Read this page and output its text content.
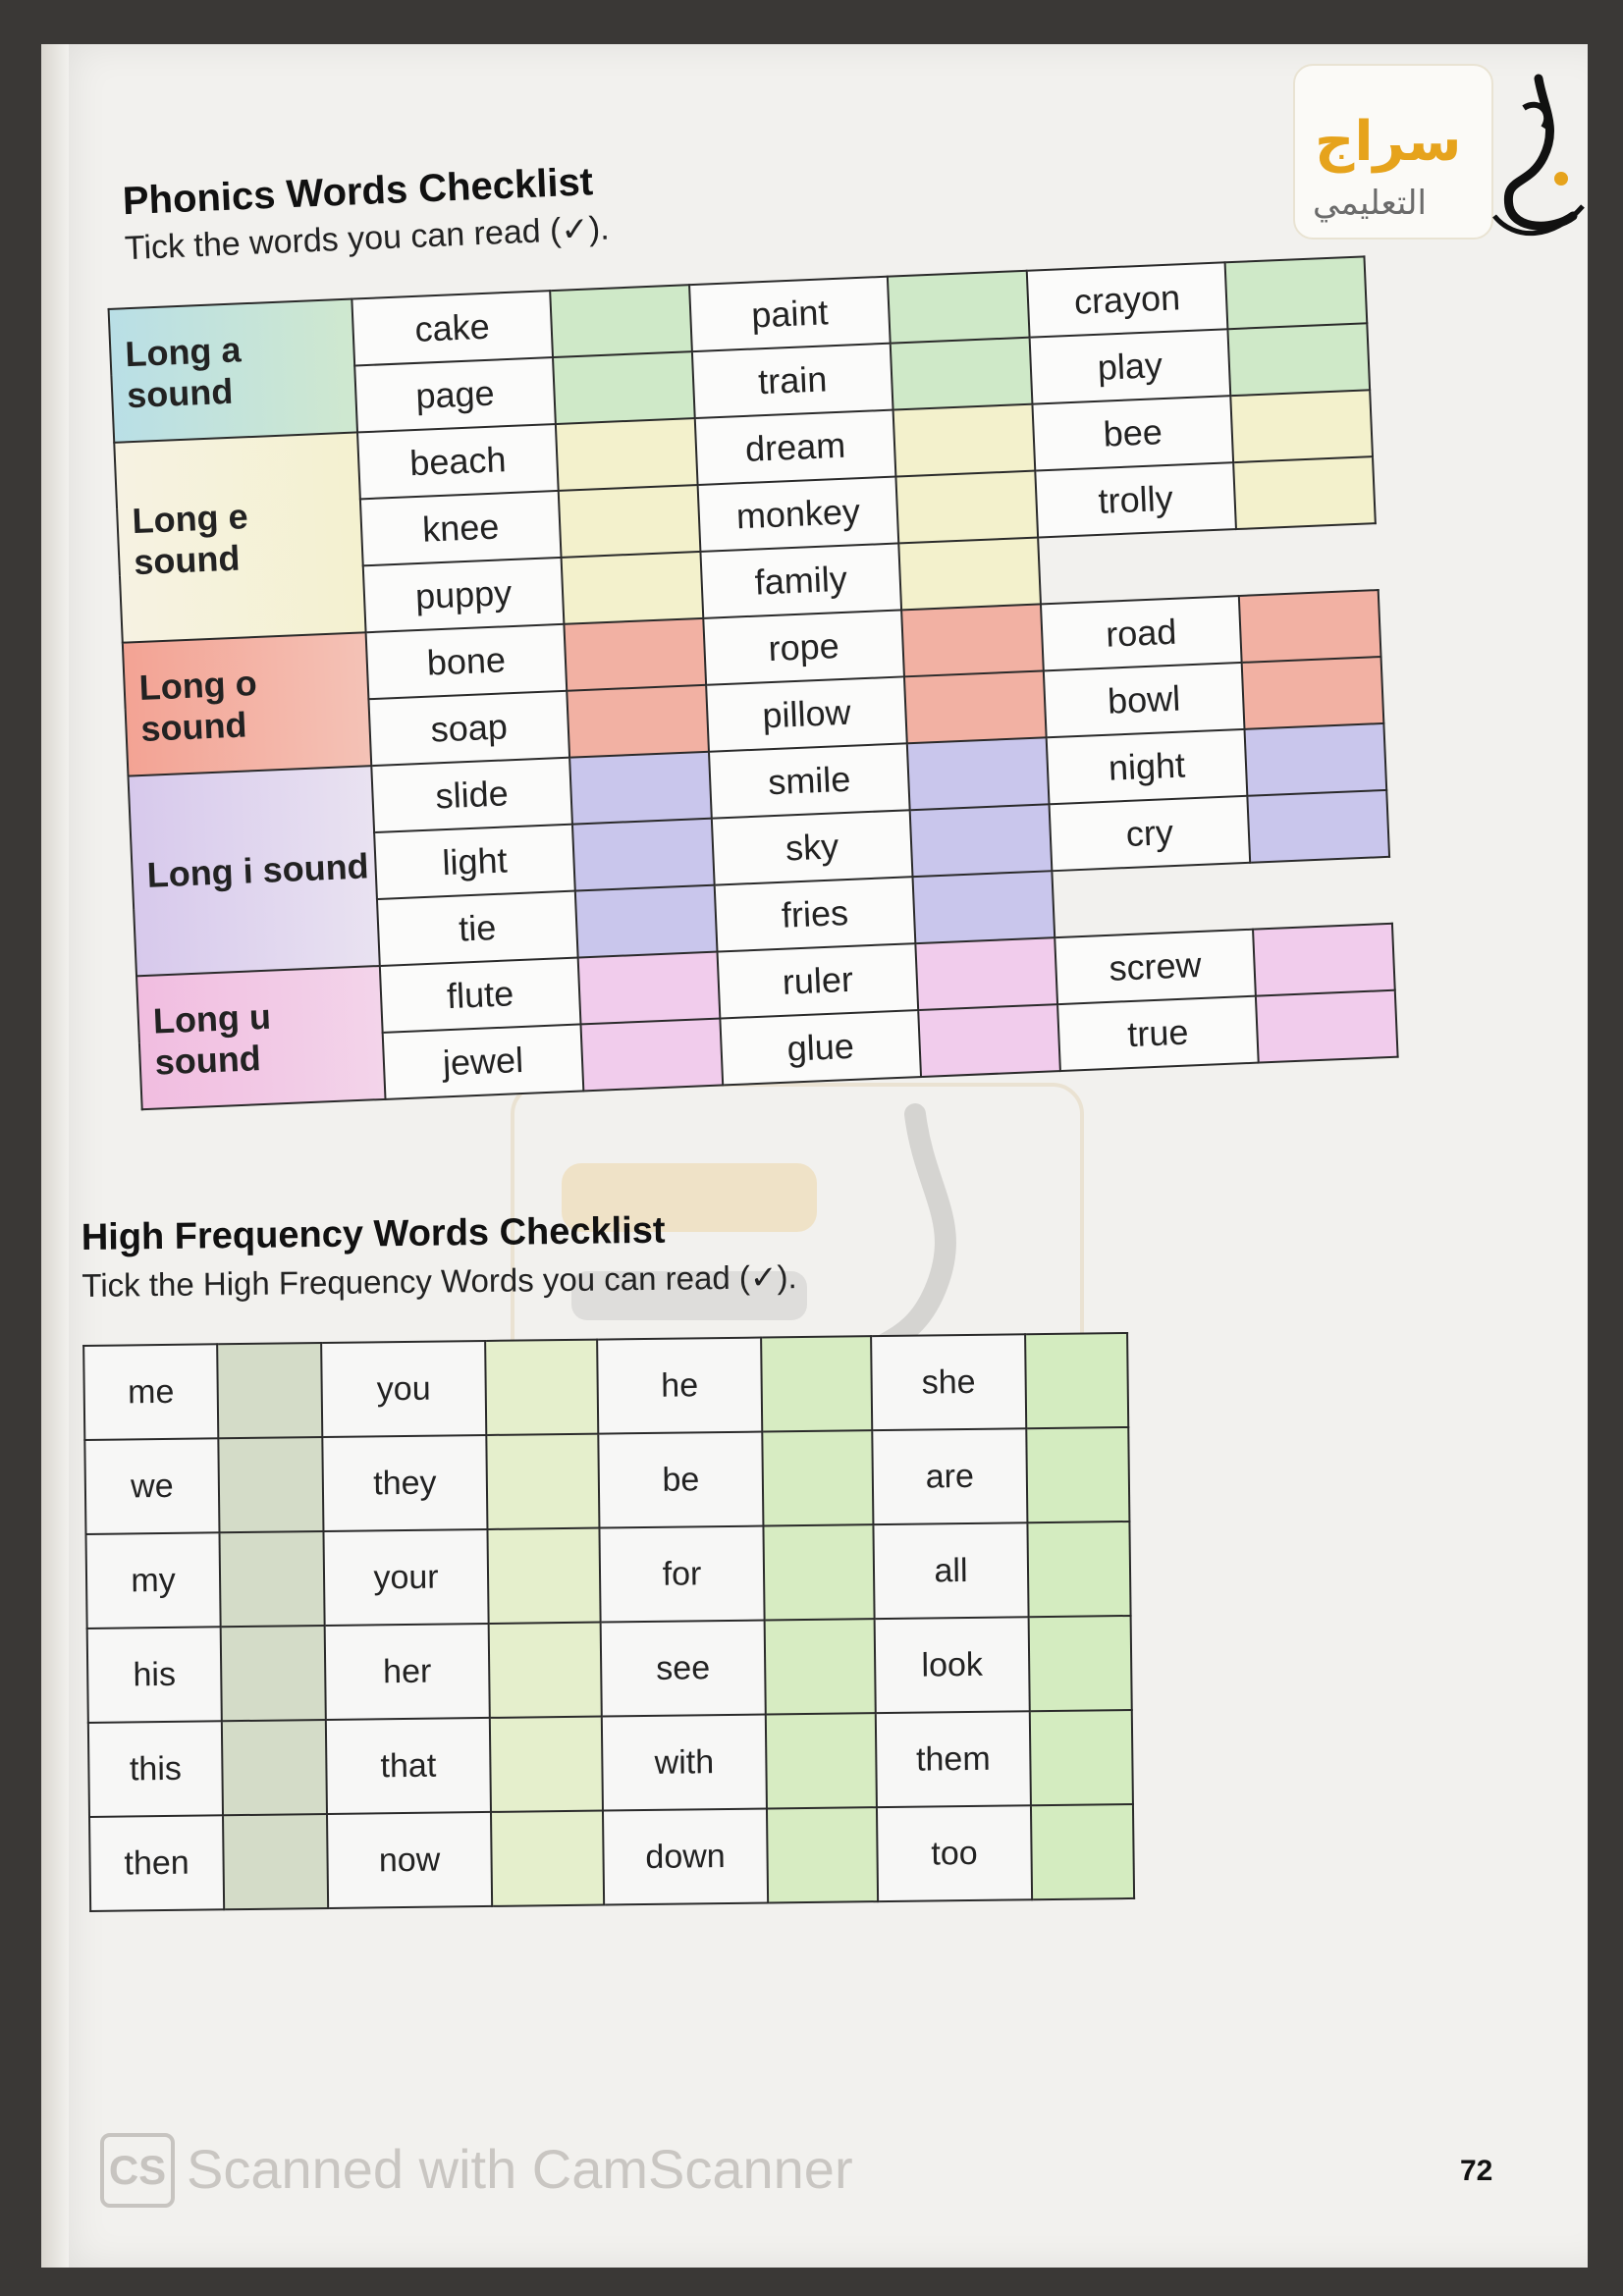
سراج
التعليمي
Phonics Words Checklist
Tick the words you can read (✓).
Long a sound	cake		paint		crayon	
	page		train		play	
Long e sound	beach		dream		bee	
	knee		monkey		trolly	
	puppy		family			
Long o sound	bone		rope		road	
	soap		pillow		bowl	
Long i sound	slide		smile		night	
	light		sky		cry	
	tie		fries			
Long u sound	flute		ruler		screw	
	jewel		glue		true	
High Frequency Words Checklist
Tick the High Frequency Words you can read (✓).
me		you		he		she	
we		they		be		are	
my		your		for		all	
his		her		see		look	
this		that		with		them	
then		now		down		too	
CS Scanned with CamScanner	72
